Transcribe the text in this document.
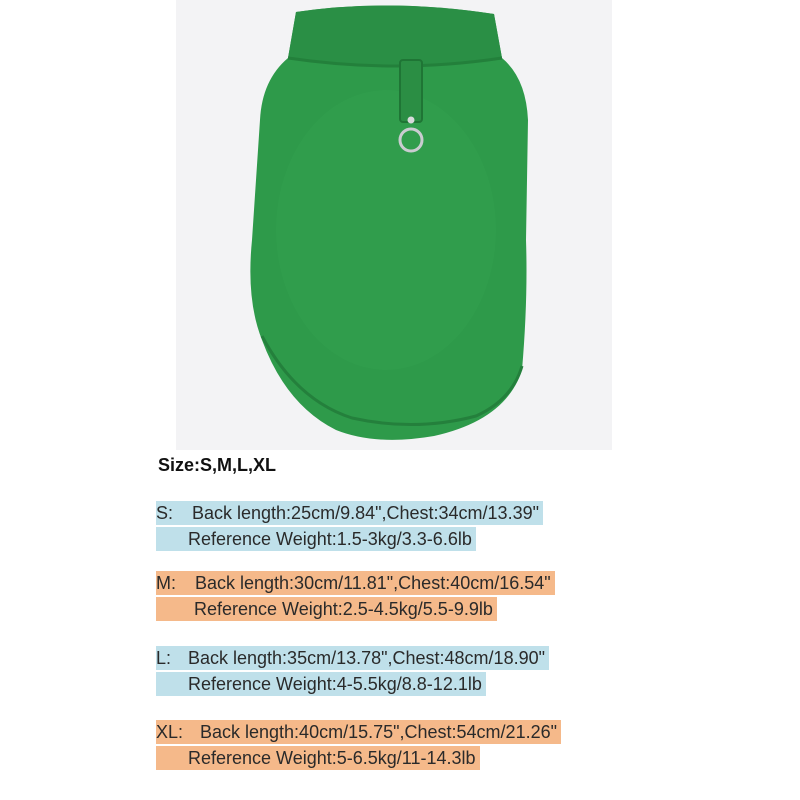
Size:S,M,L,XL
S: Back length:25cm/9.84",Chest:34cm/13.39"
Reference Weight:1.5-3kg/3.3-6.6lb
M: Back length:30cm/11.81",Chest:40cm/16.54"
Reference Weight:2.5-4.5kg/5.5-9.9lb
L: Back length:35cm/13.78",Chest:48cm/18.90"
Reference Weight:4-5.5kg/8.8-12.1lb
XL: Back length:40cm/15.75",Chest:54cm/21.26"
Reference Weight:5-6.5kg/11-14.3lb
